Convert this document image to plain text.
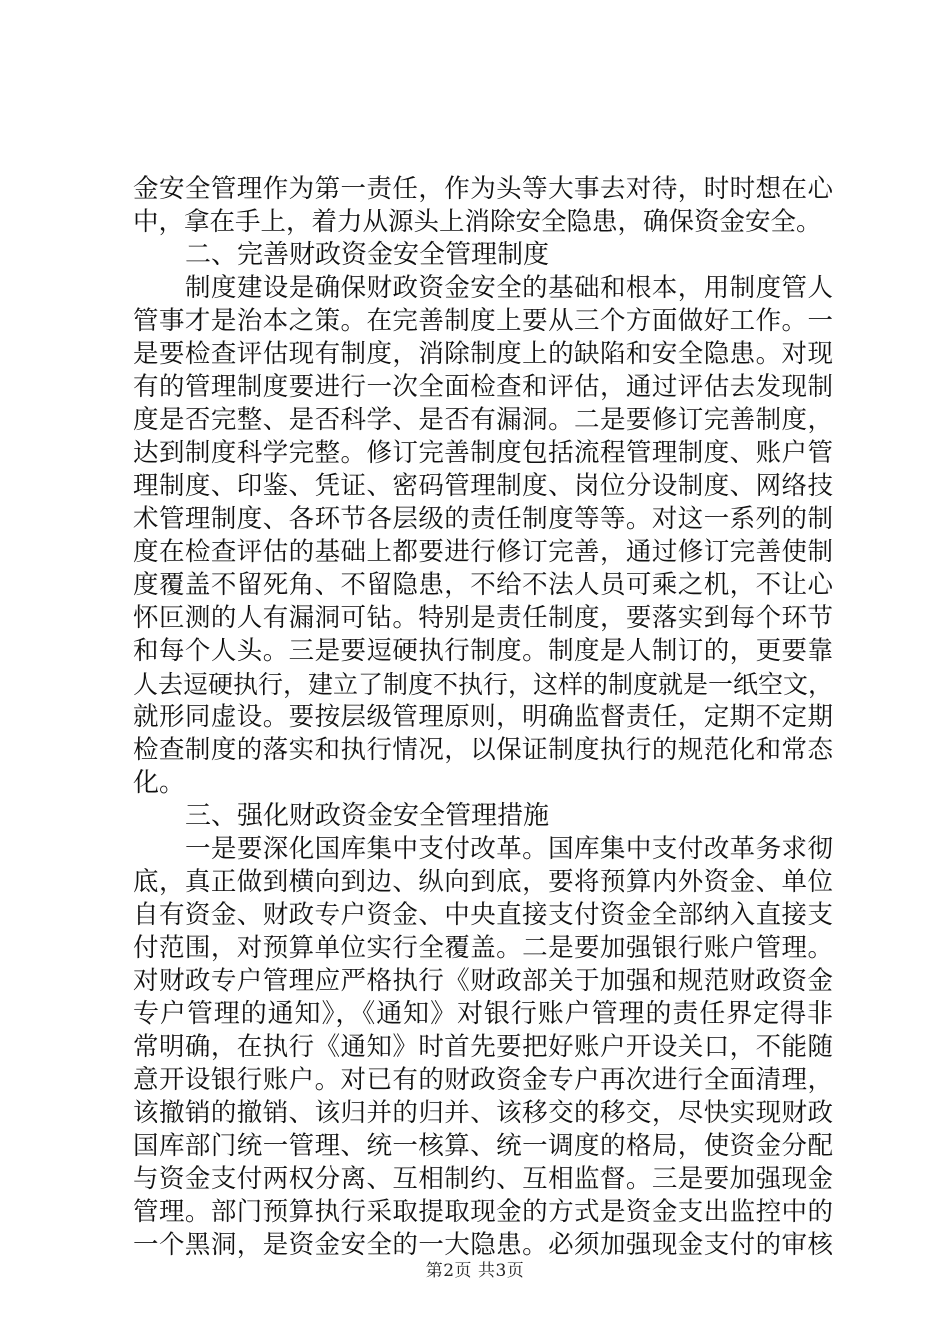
金安全管理作为第一责任，作为头等大事去对待，时时想在心
中，拿在手上，着力从源头上消除安全隐患，确保资金安全。
二、完善财政资金安全管理制度
制度建设是确保财政资金安全的基础和根本，用制度管人
管事才是治本之策。在完善制度上要从三个方面做好工作。一
是要检查评估现有制度，消除制度上的缺陷和安全隐患。对现
有的管理制度要进行一次全面检查和评估，通过评估去发现制
度是否完整、是否科学、是否有漏洞。二是要修订完善制度，
达到制度科学完整。修订完善制度包括流程管理制度、账户管
理制度、印鉴、凭证、密码管理制度、岗位分设制度、网络技
术管理制度、各环节各层级的责任制度等等。对这一系列的制
度在检查评估的基础上都要进行修订完善，通过修订完善使制
度覆盖不留死角、不留隐患，不给不法人员可乘之机，不让心
怀叵测的人有漏洞可钻。特别是责任制度，要落实到每个环节
和每个人头。三是要逗硬执行制度。制度是人制订的，更要靠
人去逗硬执行，建立了制度不执行，这样的制度就是一纸空文，
就形同虚设。要按层级管理原则，明确监督责任，定期不定期
检查制度的落实和执行情况，以保证制度执行的规范化和常态
化。
三、强化财政资金安全管理措施
一是要深化国库集中支付改革。国库集中支付改革务求彻
底，真正做到横向到边、纵向到底，要将预算内外资金、单位
自有资金、财政专户资金、中央直接支付资金全部纳入直接支
付范围，对预算单位实行全覆盖。二是要加强银行账户管理。
对财政专户管理应严格执行《财政部关于加强和规范财政资金
专户管理的通知》，《通知》对银行账户管理的责任界定得非
常明确，在执行《通知》时首先要把好账户开设关口，不能随
意开设银行账户。对已有的财政资金专户再次进行全面清理，
该撤销的撤销、该归并的归并、该移交的移交，尽快实现财政
国库部门统一管理、统一核算、统一调度的格局，使资金分配
与资金支付两权分离、互相制约、互相监督。三是要加强现金
管理。部门预算执行采取提取现金的方式是资金支出监控中的
一个黑洞，是资金安全的一大隐患。必须加强现金支付的审核
第2页 共3页
